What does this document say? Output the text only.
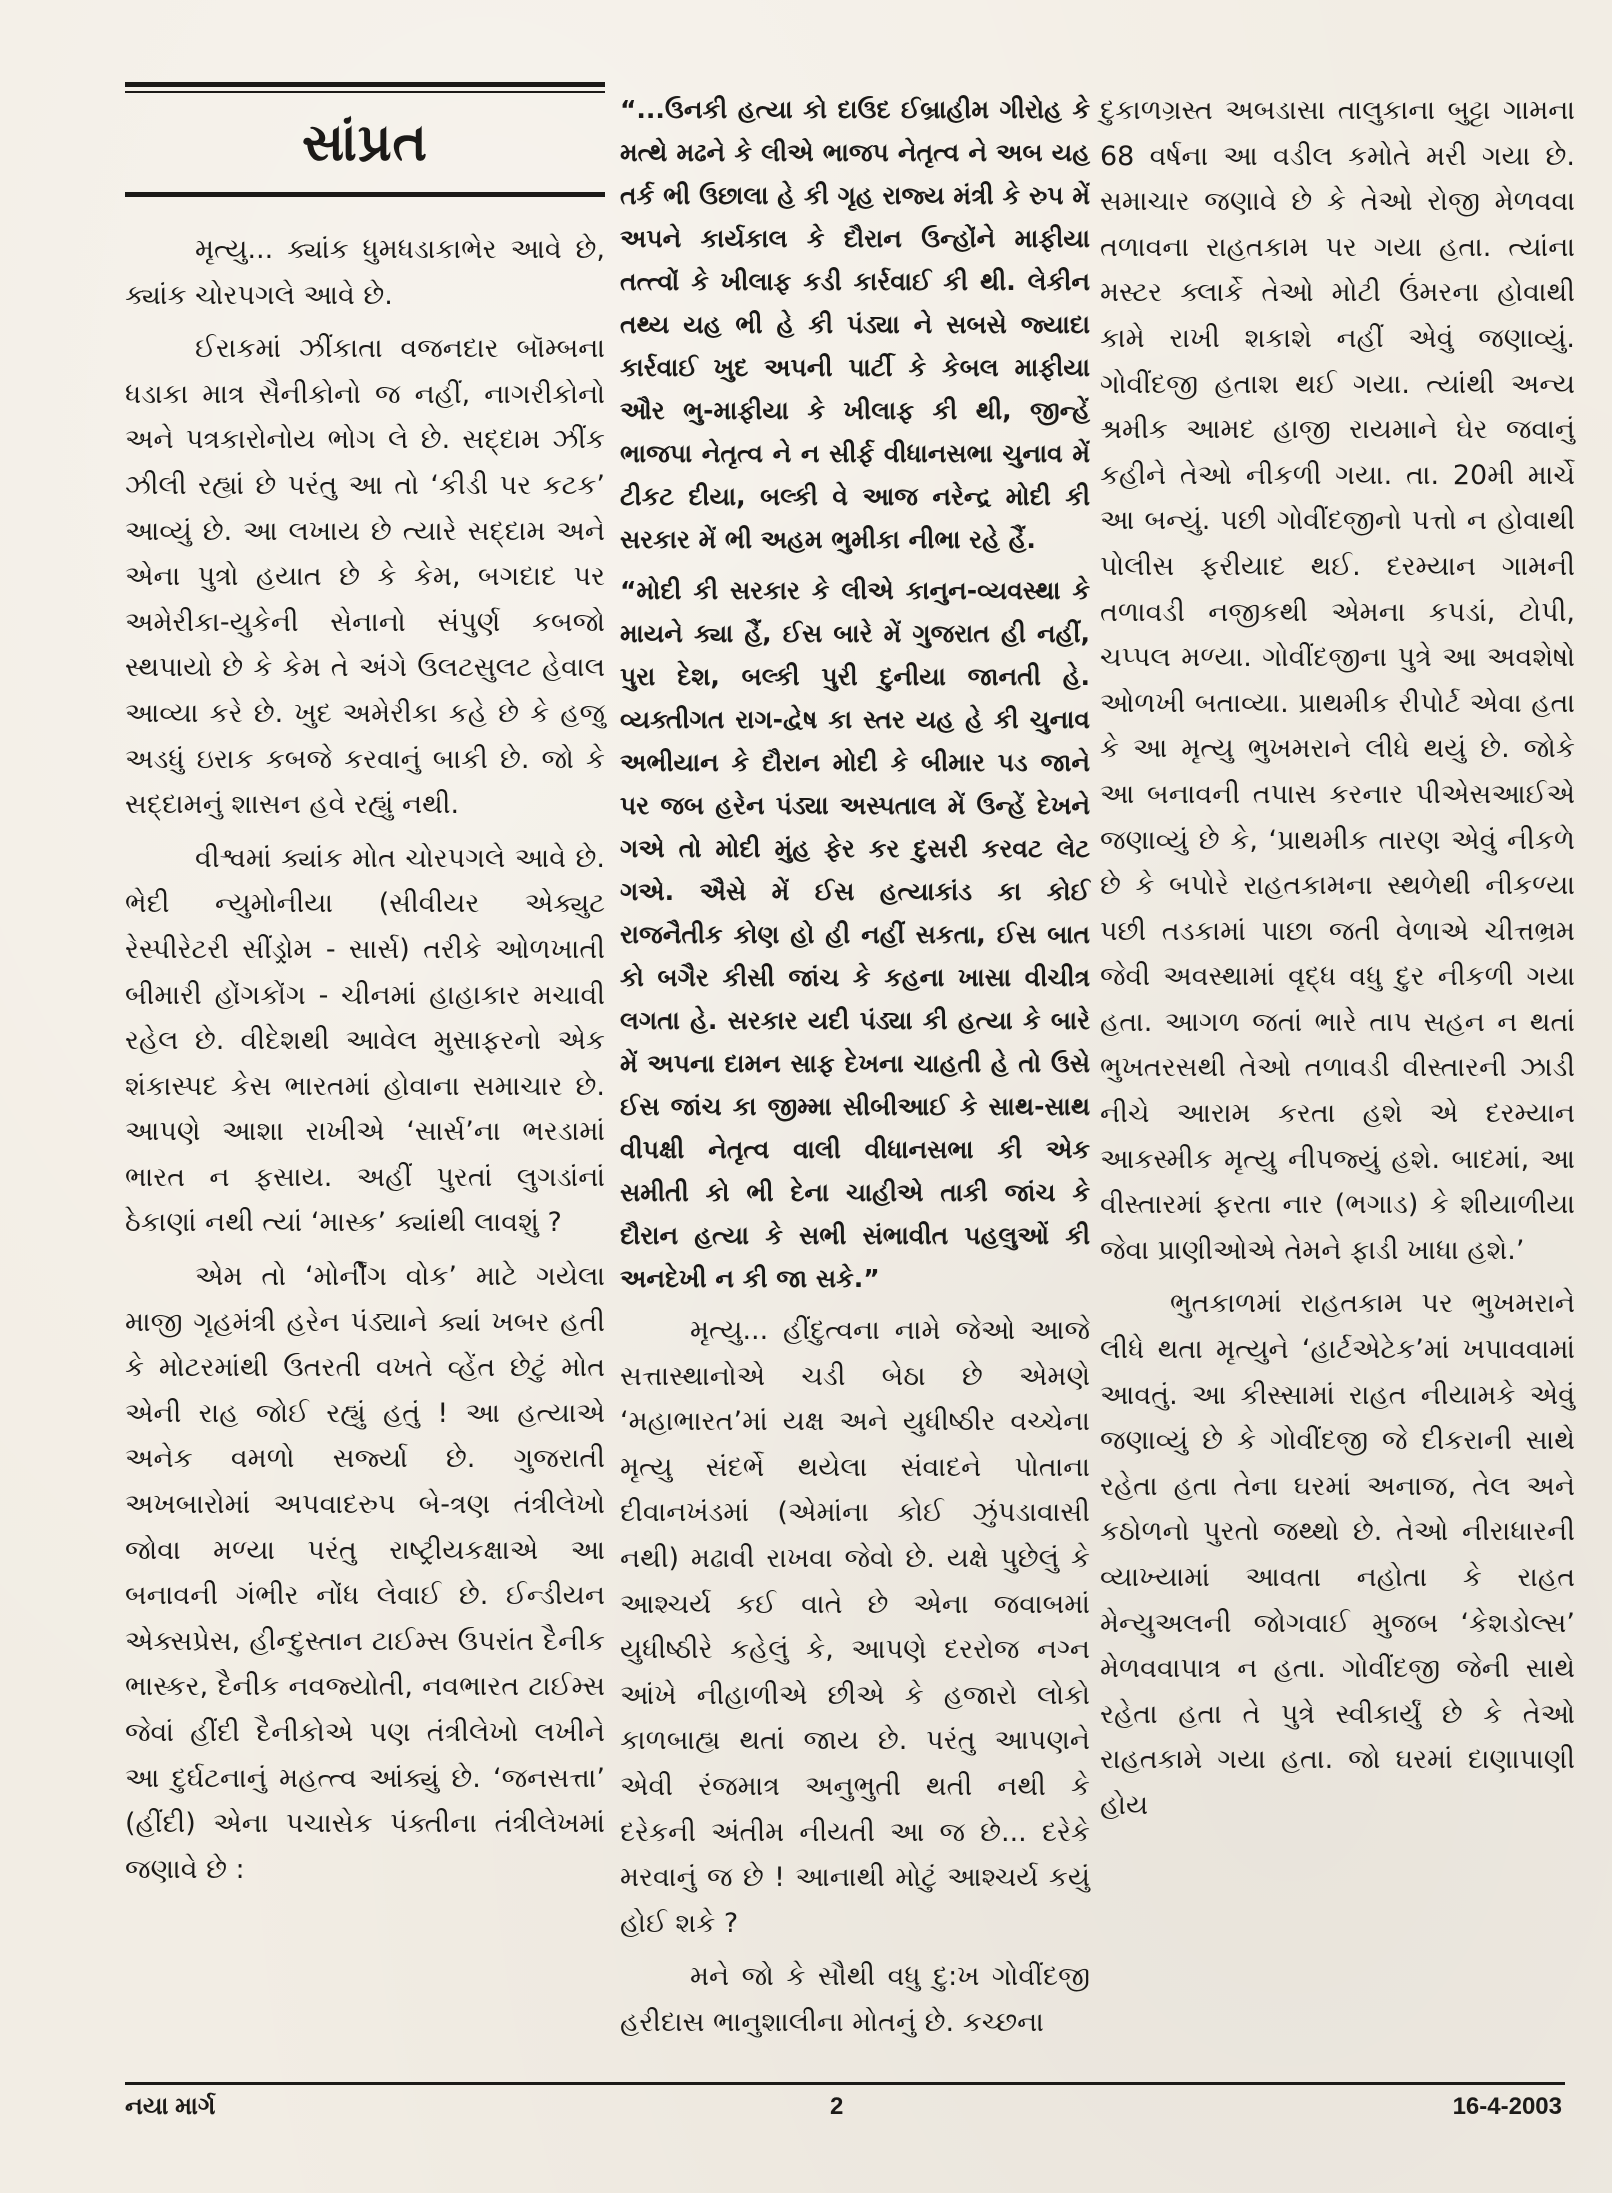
સાંપ્રત

મૃત્યુ... ક્યાંક ધુમધડાકાભેર આવે છે, ક્યાંક ચોરપગલે આવે છે.

ઈરાકમાં ઝીંકાતા વજનદાર બૉમ્બના ધડાકા માત્ર સૈનીકોનો જ નહીં, નાગરીકોનો અને પત્રકારોનોય ભોગ લે છે. સદ્દામ ઝીંક ઝીલી રહ્યાં છે પરંતુ આ તો ‘કીડી પર કટક’ આવ્યું છે. આ લખાય છે ત્યારે સદ્દામ અને એના પુત્રો હયાત છે કે કેમ, બગદાદ પર અમેરીકા-યુકેની સેનાનો સંપુર્ણ કબજો સ્થપાયો છે કે કેમ તે અંગે ઉલટસુલટ હેવાલ આવ્યા કરે છે. ખુદ અમેરીકા કહે છે કે હજુ અડધું ઇરાક કબજે કરવાનું બાકી છે. જો કે સદ્દામનું શાસન હવે રહ્યું નથી.

વીશ્વમાં ક્યાંક મોત ચોરપગલે આવે છે. ભેદી ન્યુમોનીયા (સીવીયર એક્યુટ રેસ્પીરેટરી સીંડ્રોમ - સાર્સ) તરીકે ઓળખાતી બીમારી હોંગકોંગ - ચીનમાં હાહાકાર મચાવી રહેલ છે. વીદેશથી આવેલ મુસાફરનો એક શંકાસ્પદ કેસ ભારતમાં હોવાના સમાચાર છે. આપણે આશા રાખીએ ‘સાર્સ’ના ભરડામાં ભારત ન ફસાય. અહીં પુરતાં લુગડાંનાં ઠેકાણાં નથી ત્યાં ‘માસ્ક’ ક્યાંથી લાવશું ?

એમ તો ‘મોર્નીંગ વોક’ માટે ગયેલા માજી ગૃહમંત્રી હરેન પંડ્યાને ક્યાં ખબર હતી કે મોટરમાંથી ઉતરતી વખતે વ્હેંત છેટું મોત એની રાહ જોઈ રહ્યું હતું ! આ હત્યાએ અનેક વમળો સર્જ્યા છે. ગુજરાતી અખબારોમાં અપવાદરુપ બે-ત્રણ તંત્રીલેખો જોવા મળ્યા પરંતુ રાષ્ટ્રીયકક્ષાએ આ બનાવની ગંભીર નોંધ લેવાઈ છે. ઈન્ડીયન એક્સપ્રેસ, હીન્દુસ્તાન ટાઈમ્સ ઉપરાંત દૈનીક ભાસ્કર, દૈનીક નવજ્યોતી, નવભારત ટાઈમ્સ જેવાં હીંદી દૈનીકોએ પણ તંત્રીલેખો લખીને આ દુર્ઘટનાનું મહત્ત્વ આંક્યું છે. ‘જનસત્તા’ (હીંદી) એના પચાસેક પંક્તીના તંત્રીલેખમાં જણાવે છે :

“...ઉનકી હત્યા કો દાઉદ ઈબ્રાહીમ ગીરોહ કે મત્થે મઢને કે લીએ ભાજપ નેતૃત્વ ને અબ યહ તર્ક ભી ઉછાલા હે કી ગૃહ રાજ્ય મંત્રી કે રુપ મેં અપને કાર્યકાલ કે દૌરાન ઉન્હોંને માફીયા તત્ત્વોં કે ખીલાફ કડી કાર્રવાઈ કી થી. લેકીન તથ્ય યહ ભી હે કી પંડ્યા ને સબસે જ્યાદા કાર્રવાઈ ખુદ અપની પાર્ટી કે કેબલ માફીયા ઔર ભુ-માફીયા કે ખીલાફ કી થી, જીન્હેં ભાજપા નેતૃત્વ ને ન સીર્ફ વીધાનસભા ચુનાવ મેં ટીકટ દીયા, બલ્કી વે આજ નરેન્દ્ર મોદી કી સરકાર મેં ભી અહમ ભુમીકા નીભા રહે હૈં.

“મોદી કી સરકાર કે લીએ કાનુન-વ્યવસ્થા કે માયને ક્યા હૈં, ઈસ બારે મેં ગુજરાત હી નહીં, પુરા દેશ, બલ્કી પુરી દુનીયા જાનતી હે. વ્યક્તીગત રાગ-દ્વેષ કા સ્તર યહ હે કી ચુનાવ અભીયાન કે દૌરાન મોદી કે બીમાર પડ જાને પર જબ હરેન પંડ્યા અસ્પતાલ મેં ઉન્હેં દેખને ગએ તો મોદી મુંહ ફેર કર દુસરી કરવટ લેટ ગએ. ઐસે મેં ઈસ હત્યાકાંડ કા કોઈ રાજનૈતીક કોણ હો હી નહીં સકતા, ઈસ બાત કો બગૈર કીસી જાંચ કે કહના ખાસા વીચીત્ર લગતા હે. સરકાર યદી પંડ્યા કી હત્યા કે બારે મેં અપના દામન સાફ દેખના ચાહતી હે તો ઉસે ઈસ જાંચ કા જીમ્મા સીબીઆઈ કે સાથ-સાથ વીપક્ષી નેતૃત્વ વાલી વીધાનસભા કી એક સમીતી કો ભી દેના ચાહીએ તાકી જાંચ કે દૌરાન હત્યા કે સભી સંભાવીત પહલુઓં કી અનદેખી ન કી જા સકે.”

મૃત્યુ... હીંદુત્વના નામે જેઓ આજે સત્તાસ્થાનોએ ચડી બેઠા છે એમણે ‘મહાભારત’માં યક્ષ અને યુધીષ્ઠીર વચ્ચેના મૃત્યુ સંદર્ભે થયેલા સંવાદને પોતાના દીવાનખંડમાં (એમાંના કોઈ ઝુંપડાવાસી નથી) મઢાવી રાખવા જેવો છે. યક્ષે પુછેલું કે આશ્ચર્ય કઈ વાતે છે એના જવાબમાં યુધીષ્ઠીરે કહેલું કે, આપણે દરરોજ નગ્ન આંખે નીહાળીએ છીએ કે હજારો લોકો કાળબાહ્ય થતાં જાય છે. પરંતુ આપણને એવી રંજમાત્ર અનુભુતી થતી નથી કે દરેકની અંતીમ નીયતી આ જ છે... દરેકે મરવાનું જ છે ! આનાથી મોટું આશ્ચર્ય કયું હોઈ શકે ?

મને જો કે સૌથી વધુ દુ:ખ ગોવીંદજી હરીદાસ ભાનુશાલીના મોતનું છે. કચ્છના

દુકાળગ્રસ્ત અબડાસા તાલુકાના બુટ્ટા ગામના 68 વર્ષના આ વડીલ કમોતે મરી ગયા છે. સમાચાર જણાવે છે કે તેઓ રોજી મેળવવા તળાવના રાહતકામ પર ગયા હતા. ત્યાંના મસ્ટર ક્લાર્કે તેઓ મોટી ઉંમરના હોવાથી કામે રાખી શકાશે નહીં એવું જણાવ્યું. ગોવીંદજી હતાશ થઈ ગયા. ત્યાંથી અન્ય શ્રમીક આમદ હાજી રાયમાને ઘેર જવાનું કહીને તેઓ નીકળી ગયા. તા. 20મી માર્ચે આ બન્યું. પછી ગોવીંદજીનો પત્તો ન હોવાથી પોલીસ ફરીયાદ થઈ. દરમ્યાન ગામની તળાવડી નજીકથી એમના કપડાં, ટોપી, ચપ્પલ મળ્યા. ગોવીંદજીના પુત્રે આ અવશેષો ઓળખી બતાવ્યા. પ્રાથમીક રીપોર્ટ એવા હતા કે આ મૃત્યુ ભુખમરાને લીધે થયું છે. જોકે આ બનાવની તપાસ કરનાર પીએસઆઈએ જણાવ્યું છે કે, ‘પ્રાથમીક તારણ એવું નીકળે છે કે બપોરે રાહતકામના સ્થળેથી નીકળ્યા પછી તડકામાં પાછા જતી વેળાએ ચીત્તભ્રમ જેવી અવસ્થામાં વૃદ્ધ વધુ દુર નીકળી ગયા હતા. આગળ જતાં ભારે તાપ સહન ન થતાં ભુખતરસથી તેઓ તળાવડી વીસ્તારની ઝાડી નીચે આરામ કરતા હશે એ દરમ્યાન આકસ્મીક મૃત્યુ નીપજ્યું હશે. બાદમાં, આ વીસ્તારમાં ફરતા નાર (ભગાડ) કે શીયાળીયા જેવા પ્રાણીઓએ તેમને ફાડી ખાધા હશે.’

ભુતકાળમાં રાહતકામ પર ભુખમરાને લીધે થતા મૃત્યુને ‘હાર્ટએટેક’માં ખપાવવામાં આવતું. આ કીસ્સામાં રાહત નીયામકે એવું જણાવ્યું છે કે ગોવીંદજી જે દીકરાની સાથે રહેતા હતા તેના ઘરમાં અનાજ, તેલ અને કઠોળનો પુરતો જથ્થો છે. તેઓ નીરાધારની વ્યાખ્યામાં આવતા નહોતા કે રાહત મેન્યુઅલની જોગવાઈ મુજબ ‘કેશડોલ્સ’ મેળવવાપાત્ર ન હતા. ગોવીંદજી જેની સાથે રહેતા હતા તે પુત્રે સ્વીકાર્યું છે કે તેઓ રાહતકામે ગયા હતા. જો ઘરમાં દાણાપાણી હોય

નયા માર્ગ	2	16-4-2003
